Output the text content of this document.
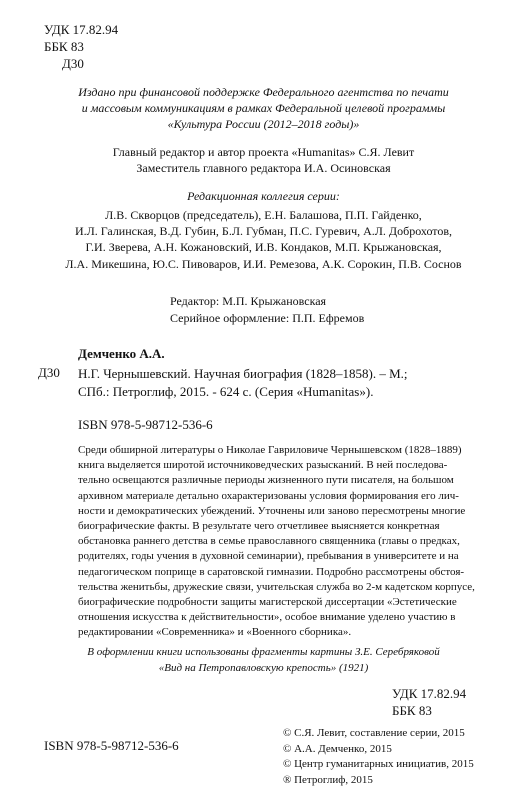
УДК 17.82.94
ББК 83
Д30
Издано при финансовой поддержке Федерального агентства по печати
и массовым коммуникациям в рамках Федеральной целевой программы
«Культура России (2012–2018 годы)»
Главный редактор и автор проекта «Humanitas» С.Я. Левит
Заместитель главного редактора И.А. Осиновская
Редакционная коллегия серии:
Л.В. Скворцов (председатель), Е.Н. Балашова, П.П. Гайденко,
И.Л. Галинская, В.Д. Губин, Б.Л. Губман, П.С. Гуревич, А.Л. Доброхотов,
Г.И. Зверева, А.Н. Кожановский, И.В. Кондаков, М.П. Крыжановская,
Л.А. Микешина, Ю.С. Пивоваров, И.И. Ремезова, А.К. Сорокин, П.В. Соснов
Редактор: М.П. Крыжановская
Серийное оформление: П.П. Ефремов
Демченко А.А.
Д30 Н.Г. Чернышевский. Научная биография (1828–1858). – М.;
СПб.: Петроглиф, 2015. - 624 с. (Серия «Humanitas»).
ISBN 978-5-98712-536-6
Среди обширной литературы о Николае Гавриловиче Чернышевском (1828–1889)
книга выделяется широтой источниковедческих разысканий. В ней последова-
тельно освещаются различные периоды жизненного пути писателя, на большом
архивном материале детально охарактеризованы условия формирования его лич-
ности и демократических убеждений. Уточнены или заново пересмотрены многие
биографические факты. В результате чего отчетливее выясняется конкретная
обстановка раннего детства в семье православного священника (главы о предках,
родителях, годы учения в духовной семинарии), пребывания в университете и на
педагогическом поприще в саратовской гимназии. Подробно рассмотрены обстоя-
тельства женитьбы, дружеские связи, учительская служба во 2-м кадетском корпусе,
биографические подробности защиты магистерской диссертации «Эстетические
отношения искусства к действительности», особое внимание уделено участию в
редактировании «Современника» и «Военного сборника».
В оформлении книги использованы фрагменты картины З.Е. Серебряковой
«Вид на Петропавловскую крепость» (1921)
УДК 17.82.94
ББК 83
ISBN 978-5-98712-536-6
© С.Я. Левит, составление серии, 2015
© А.А. Демченко, 2015
© Центр гуманитарных инициатив, 2015
® Петроглиф, 2015
